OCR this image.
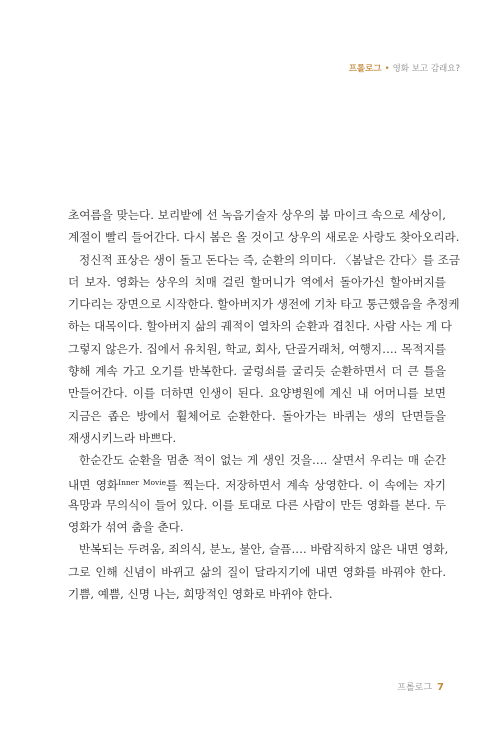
프롤로그 • 영화 보고 감래요?
초여름을 맞는다. 보리밭에 선 녹음기술자 상우의 붐 마이크 속으로 세상이,
계절이 빨리 들어간다. 다시 봄은 올 것이고 상우의 새로운 사랑도 찾아오리라.
정신적 표상은 생이 돌고 돈다는 즉, 순환의 의미다. 〈봄날은 간다〉를 조금
더 보자. 영화는 상우의 치매 걸린 할머니가 역에서 돌아가신 할아버지를
기다리는 장면으로 시작한다. 할아버지가 생전에 기차 타고 통근했음을 추정케
하는 대목이다. 할아버지 삶의 궤적이 열차의 순환과 겹친다. 사람 사는 게 다
그렇지 않은가. 집에서 유치원, 학교, 회사, 단골거래처, 여행지…. 목적지를
향해 계속 가고 오기를 반복한다. 굴렁쇠를 굴리듯 순환하면서 더 큰 틀을
만들어간다. 이를 더하면 인생이 된다. 요양병원에 계신 내 어머니를 보면
지금은 좁은 방에서 휠체어로 순환한다. 돌아가는 바퀴는 생의 단면들을
재생시키느라 바쁘다.
한순간도 순환을 멈춘 적이 없는 게 생인 것을…. 살면서 우리는 매 순간
내면 영화$^{Inner Movie}$를 찍는다. 저장하면서 계속 상영한다. 이 속에는 자기
욕망과 무의식이 들어 있다. 이를 토대로 다른 사람이 만든 영화를 본다. 두
영화가 섞여 춤을 춘다.
반복되는 두려움, 죄의식, 분노, 불안, 슬픔…. 바람직하지 않은 내면 영화,
그로 인해 신념이 바뀌고 삶의 질이 달라지기에 내면 영화를 바꿔야 한다.
기쁨, 예쁨, 신명 나는, 희망적인 영화로 바뀌야 한다.
프롤로그 7
